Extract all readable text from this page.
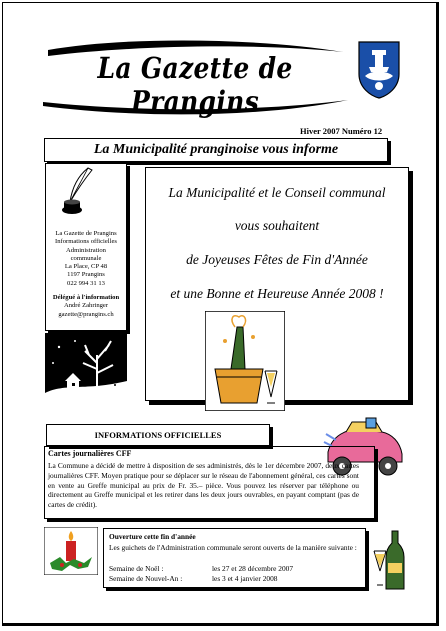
La Gazette de Prangins
Hiver 2007 Numéro 12
La Municipalité pranginoise vous informe
La Gazette de Prangins
Informations officielles
Administration
communale
La Place, CP 48
1197 Prangins
022 994 31 13
Délégué à l'information
André Zahringer
gazette@prangins.ch
La Municipalité et le Conseil communal
vous souhaitent
de Joyeuses Fêtes de Fin d'Année
et une Bonne et Heureuse Année 2008 !
INFORMATIONS OFFICIELLES
Cartes journalières CFF
La Commune a décidé de mettre à disposition de ses administrés, dès le 1er décembre 2007, deux cartes journalières CFF. Moyen pratique pour se déplacer sur le réseau de l'abonnement général, ces cartes sont en vente au Greffe municipal au prix de Fr. 35.– pièce. Vous pouvez les réserver par téléphone ou directement au Greffe municipal et les retirer dans les deux jours ouvrables, en payant comptant (pas de cartes de crédit).
Ouverture cette fin d'année
Les guichets de l'Administration communale seront ouverts de la manière suivante :
Semaine de Noël :	les 27 et 28 décembre 2007
Semaine de Nouvel-An :	les 3 et 4 janvier 2008
